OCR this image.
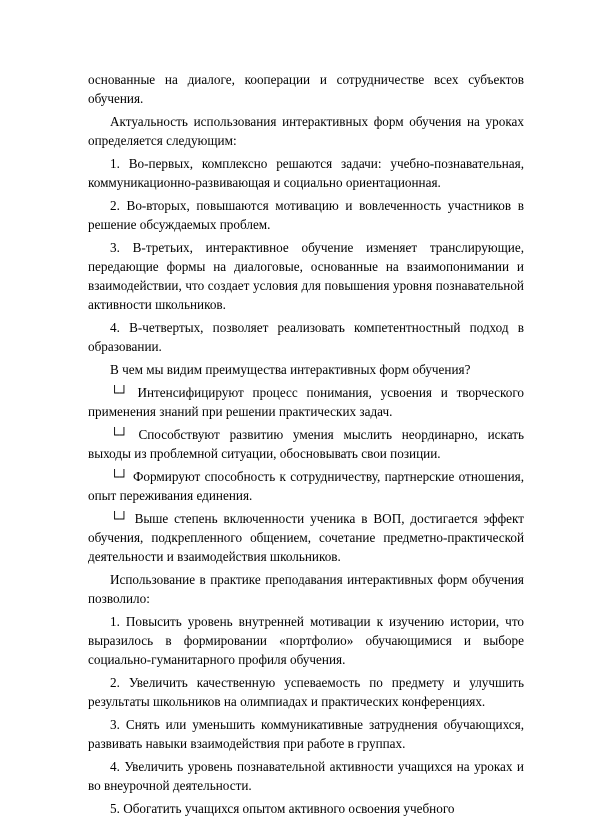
основанные на диалоге, кооперации и сотрудничестве всех субъектов обучения.

Актуальность использования интерактивных форм обучения на уроках определяется следующим:

1. Во-первых, комплексно решаются задачи: учебно-познавательная, коммуникационно-развивающая и социально ориентационная.

2. Во-вторых, повышаются мотивацию и вовлеченность участников в решение обсуждаемых проблем.

3. В-третьих, интерактивное обучение изменяет транслирующие, передающие формы на диалоговые, основанные на взаимопонимании и взаимодействии, что создает условия для повышения уровня познавательной активности школьников.

4. В-четвертых, позволяет реализовать компетентностный подход в образовании.

В чем мы видим преимущества интерактивных форм обучения?

└┘ Интенсифицируют процесс понимания, усвоения и творческого применения знаний при решении практических задач.

└┘ Способствуют развитию умения мыслить неординарно, искать выходы из проблемной ситуации, обосновывать свои позиции.

└┘ Формируют способность к сотрудничеству, партнерские отношения, опыт переживания единения.

└┘ Выше степень включенности ученика в ВОП, достигается эффект обучения, подкрепленного общением, сочетание предметно-практической деятельности и взаимодействия школьников.

Использование в практике преподавания интерактивных форм обучения позволило:

1. Повысить уровень внутренней мотивации к изучению истории, что выразилось в формировании «портфолио» обучающимися и выборе социально-гуманитарного профиля обучения.

2. Увеличить качественную успеваемость по предмету и улучшить результаты школьников на олимпиадах и практических конференциях.

3. Снять или уменьшить коммуникативные затруднения обучающихся, развивать навыки взаимодействия при работе в группах.

4. Увеличить уровень познавательной активности учащихся на уроках и во внеурочной деятельности.

5. Обогатить учащихся опытом активного освоения учебного
